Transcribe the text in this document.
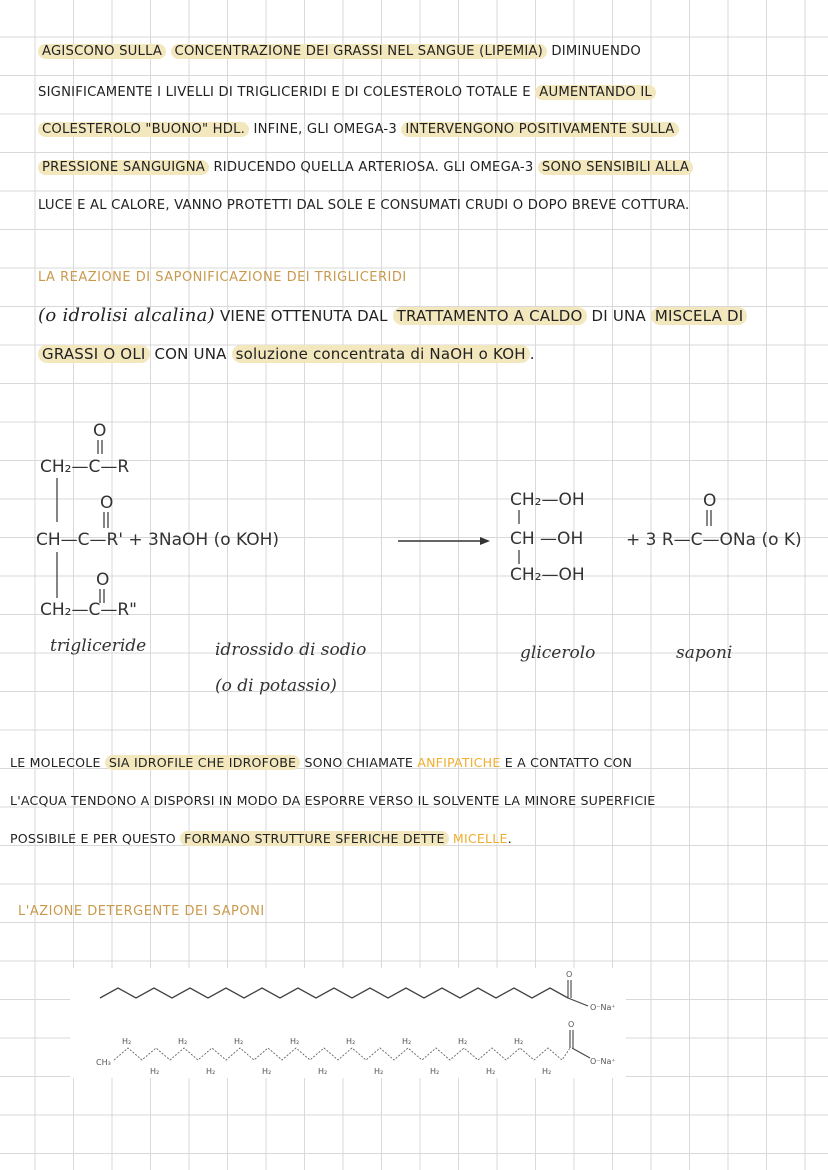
AGISCONO SULLA CONCENTRAZIONE DEI GRASSI NEL SANGUE (LIPEMIA) DIMINUENDO
SIGNIFICAMENTE I LIVELLI DI TRIGLICERIDI E DI COLESTEROLO TOTALE E AUMENTANDO IL
COLESTEROLO "BUONO" HDL. INFINE, GLI OMEGA-3 INTERVENGONO POSITIVAMENTE SULLA
PRESSIONE SANGUIGNA RIDUCENDO QUELLA ARTERIOSA. GLI OMEGA-3 SONO SENSIBILI ALLA
LUCE E AL CALORE, VANNO PROTETTI DAL SOLE E CONSUMATI CRUDI O DOPO BREVE COTTURA.
LA REAZIONE DI SAPONIFICAZIONE DEI TRIGLICERIDI
(o idrolisi alcalina) VIENE OTTENUTA DAL TRATTAMENTO A CALDO DI UNA MISCELA DI
GRASSI O OLI CON UNA soluzione concentrata di NaOH o KOH .
O
CH₂—C—R
O
CH—C—R' + 3NaOH (o KOH)
O
CH₂—C—R"
CH₂—OH
CH —OH
CH₂—OH
O
+ 3 R—C—ONa (o K)
trigliceride	idrossido di sodio
(o di potassio)
glicerolo	saponi
LE MOLECOLE SIA IDROFILE CHE IDROFOBE SONO CHIAMATE ANFIPATICHE E A CONTATTO CON
L'ACQUA TENDONO A DISPORSI IN MODO DA ESPORRE VERSO IL SOLVENTE LA MINORE SUPERFICIE
POSSIBILE E PER QUESTO FORMANO STRUTTURE SFERICHE DETTE MICELLE.
L'AZIONE DETERGENTE DEI SAPONI
O
O⁻Na⁺
CH₃
O
O⁻Na⁺
H₂
H₂
H₂
H₂
H₂
H₂
H₂
H₂
H₂
H₂
H₂
H₂
H₂
H₂
H₂
H₂
